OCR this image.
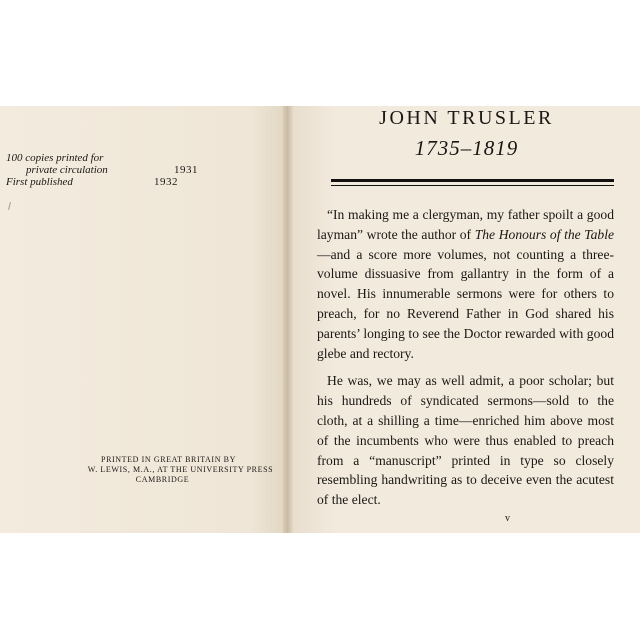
100 copies printed for
private circulation	1931
First published	1932
PRINTED IN GREAT BRITAIN BY
W. LEWIS, M.A., AT THE UNIVERSITY PRESS
CAMBRIDGE
JOHN TRUSLER
1735–1819

“In making me a clergyman, my father spoilt a good layman” wrote the author of The Honours of the Table—and a score more volumes, not counting a three-volume dissuasive from gallantry in the form of a novel. His innumerable sermons were for others to preach, for no Reverend Father in God shared his parents’ longing to see the Doctor rewarded with good glebe and rectory.

He was, we may as well admit, a poor scholar; but his hundreds of syndicated sermons—sold to the cloth, at a shilling a time—enriched him above most of the incumbents who were thus enabled to preach from a “manuscript” printed in type so closely resembling handwriting as to deceive even the acutest of the elect.

v
